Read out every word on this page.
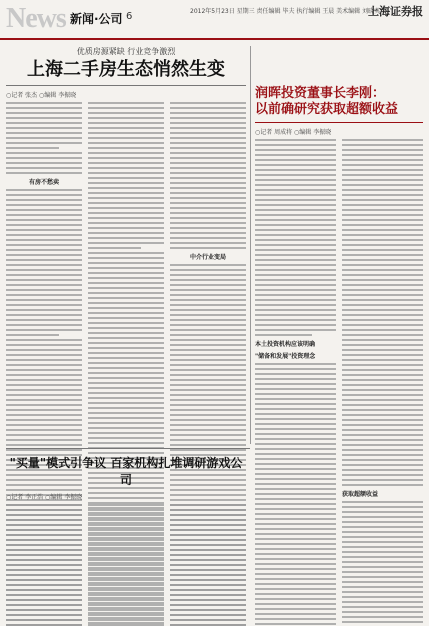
News 新闻·公司 6	2012年5月23日 星期三 责任编辑 毕夫 执行编辑 王晨 美术编辑 刘晓英
上海证券报
优质房源紧缺 行业竞争激烈
上海二手房生态悄然生变
○记者 张杰 ○编辑 李振晓
有房不愁卖
中介行业变局
润晖投资董事长李刚：
以前确研究获取超额收益
○记者 周成将 ○编辑 李振晓
本土投资机构应该明确
"储备和发展"投资理念
获取超额收益
"买量"模式引争议 百家机构扎堆调研游戏公司
○记者 李正浩 ○编辑 李振晓
